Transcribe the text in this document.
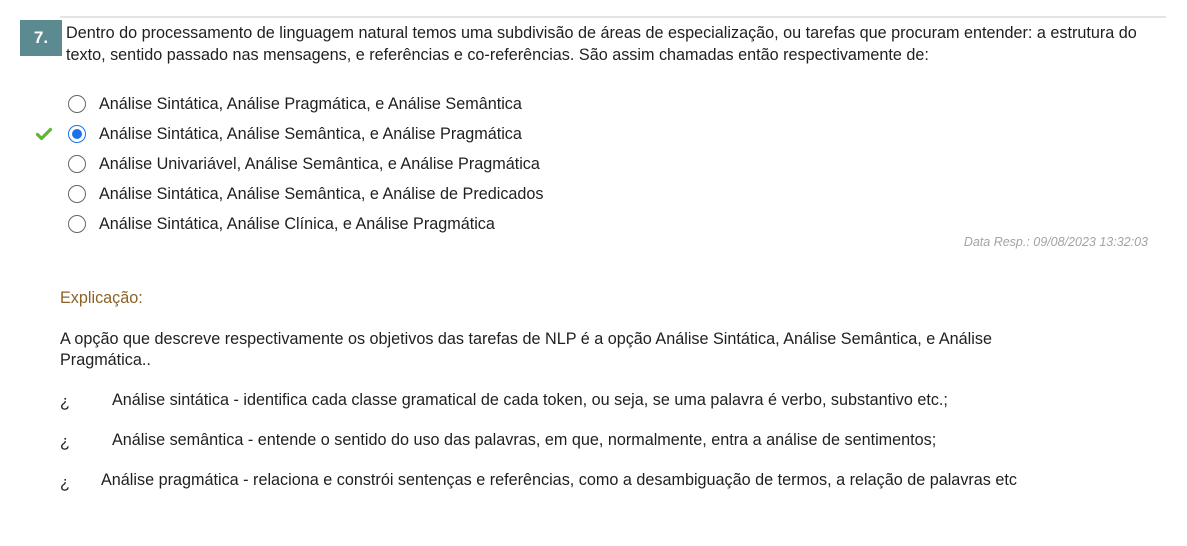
7.	Dentro do processamento de linguagem natural temos uma subdivisão de áreas de especialização, ou tarefas que procuram entender: a estrutura do texto, sentido passado nas mensagens, e referências e co-referências. São assim chamadas então respectivamente de:
Análise Sintática, Análise Pragmática, e Análise Semântica
Análise Sintática, Análise Semântica, e Análise Pragmática
Análise Univariável, Análise Semântica, e Análise Pragmática
Análise Sintática, Análise Semântica, e Análise de Predicados
Análise Sintática, Análise Clínica, e Análise Pragmática
Data Resp.: 09/08/2023 13:32:03
Explicação:
A opção que descreve respectivamente os objetivos das tarefas de NLP é a opção Análise Sintática, Análise Semântica, e Análise Pragmática..
¿	Análise sintática - identifica cada classe gramatical de cada token, ou seja, se uma palavra é verbo, substantivo etc.;
¿	Análise semântica - entende o sentido do uso das palavras, em que, normalmente, entra a análise de sentimentos;
¿ Análise pragmática - relaciona e constrói sentenças e referências, como a desambiguação de termos, a relação de palavras etc
